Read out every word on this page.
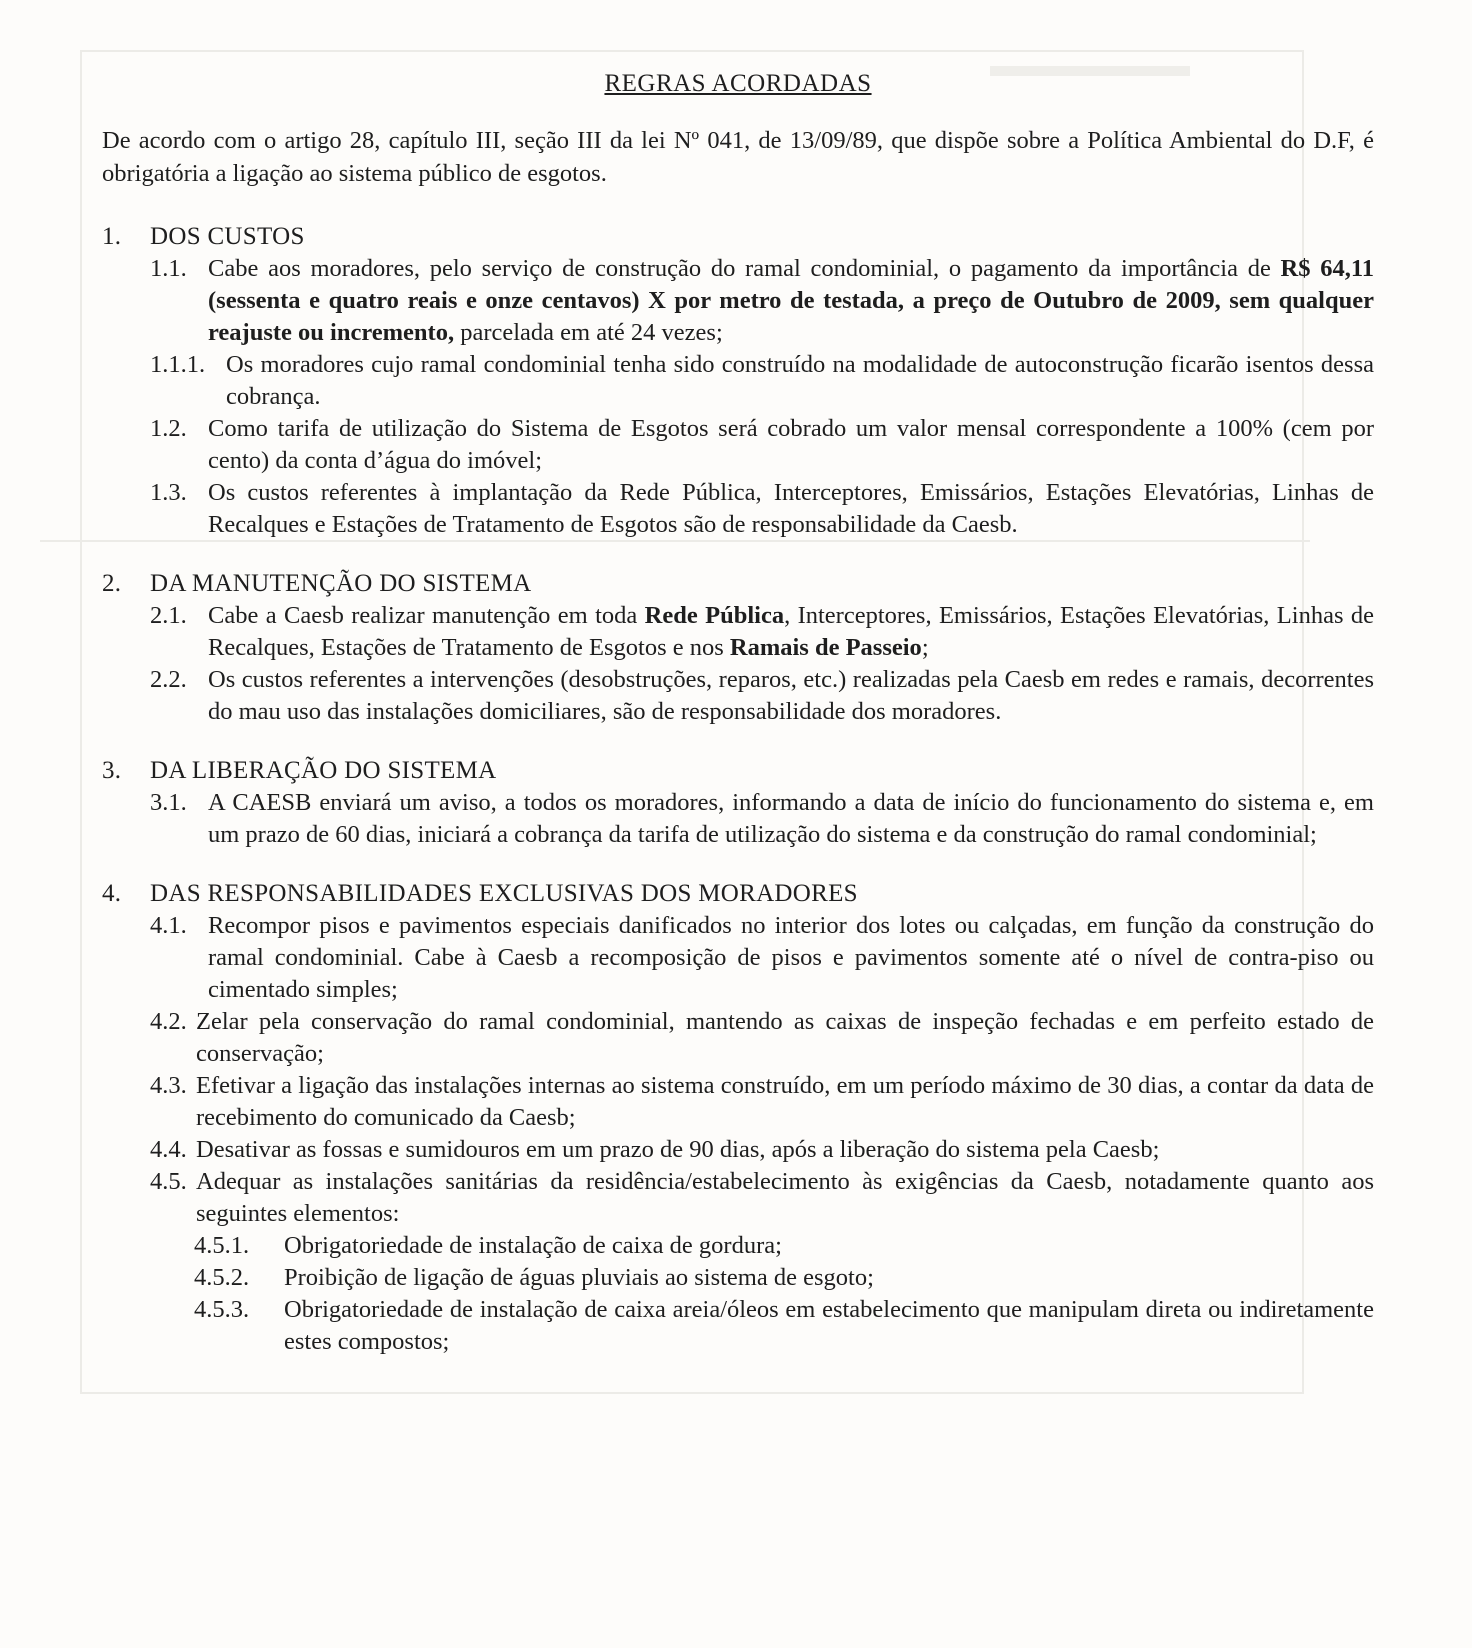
REGRAS ACORDADAS

De acordo com o artigo 28, capítulo III, seção III da lei Nº 041, de 13/09/89, que dispõe sobre a Política Ambiental do D.F, é obrigatória a ligação ao sistema público de esgotos.

1.	DOS CUSTOS
1.1. Cabe aos moradores, pelo serviço de construção do ramal condominial, o pagamento da importância de R$ 64,11 (sessenta e quatro reais e onze centavos) X por metro de testada, a preço de Outubro de 2009, sem qualquer reajuste ou incremento, parcelada em até 24 vezes;
1.1.1. Os moradores cujo ramal condominial tenha sido construído na modalidade de autoconstrução ficarão isentos dessa cobrança.
1.2. Como tarifa de utilização do Sistema de Esgotos será cobrado um valor mensal correspondente a 100% (cem por cento) da conta d’água do imóvel;
1.3. Os custos referentes à implantação da Rede Pública, Interceptores, Emissários, Estações Elevatórias, Linhas de Recalques e Estações de Tratamento de Esgotos são de responsabilidade da Caesb.
2.	DA MANUTENÇÃO DO SISTEMA
2.1. Cabe a Caesb realizar manutenção em toda Rede Pública, Interceptores, Emissários, Estações Elevatórias, Linhas de Recalques, Estações de Tratamento de Esgotos e nos Ramais de Passeio;
2.2. Os custos referentes a intervenções (desobstruções, reparos, etc.) realizadas pela Caesb em redes e ramais, decorrentes do mau uso das instalações domiciliares, são de responsabilidade dos moradores.
3.	DA LIBERAÇÃO DO SISTEMA
3.1. A CAESB enviará um aviso, a todos os moradores, informando a data de início do funcionamento do sistema e, em um prazo de 60 dias, iniciará a cobrança da tarifa de utilização do sistema e da construção do ramal condominial;
4.	DAS RESPONSABILIDADES EXCLUSIVAS DOS MORADORES
4.1. Recompor pisos e pavimentos especiais danificados no interior dos lotes ou calçadas, em função da construção do ramal condominial. Cabe à Caesb a recomposição de pisos e pavimentos somente até o nível de contra-piso ou cimentado simples;
4.2. Zelar pela conservação do ramal condominial, mantendo as caixas de inspeção fechadas e em perfeito estado de conservação;
4.3. Efetivar a ligação das instalações internas ao sistema construído, em um período máximo de 30 dias, a contar da data de recebimento do comunicado da Caesb;
4.4. Desativar as fossas e sumidouros em um prazo de 90 dias, após a liberação do sistema pela Caesb;
4.5. Adequar as instalações sanitárias da residência/estabelecimento às exigências da Caesb, notadamente quanto aos seguintes elementos:
4.5.1.	Obrigatoriedade de instalação de caixa de gordura;
4.5.2.	Proibição de ligação de águas pluviais ao sistema de esgoto;
4.5.3.	Obrigatoriedade de instalação de caixa areia/óleos em estabelecimento que manipulam direta ou indiretamente estes compostos;
